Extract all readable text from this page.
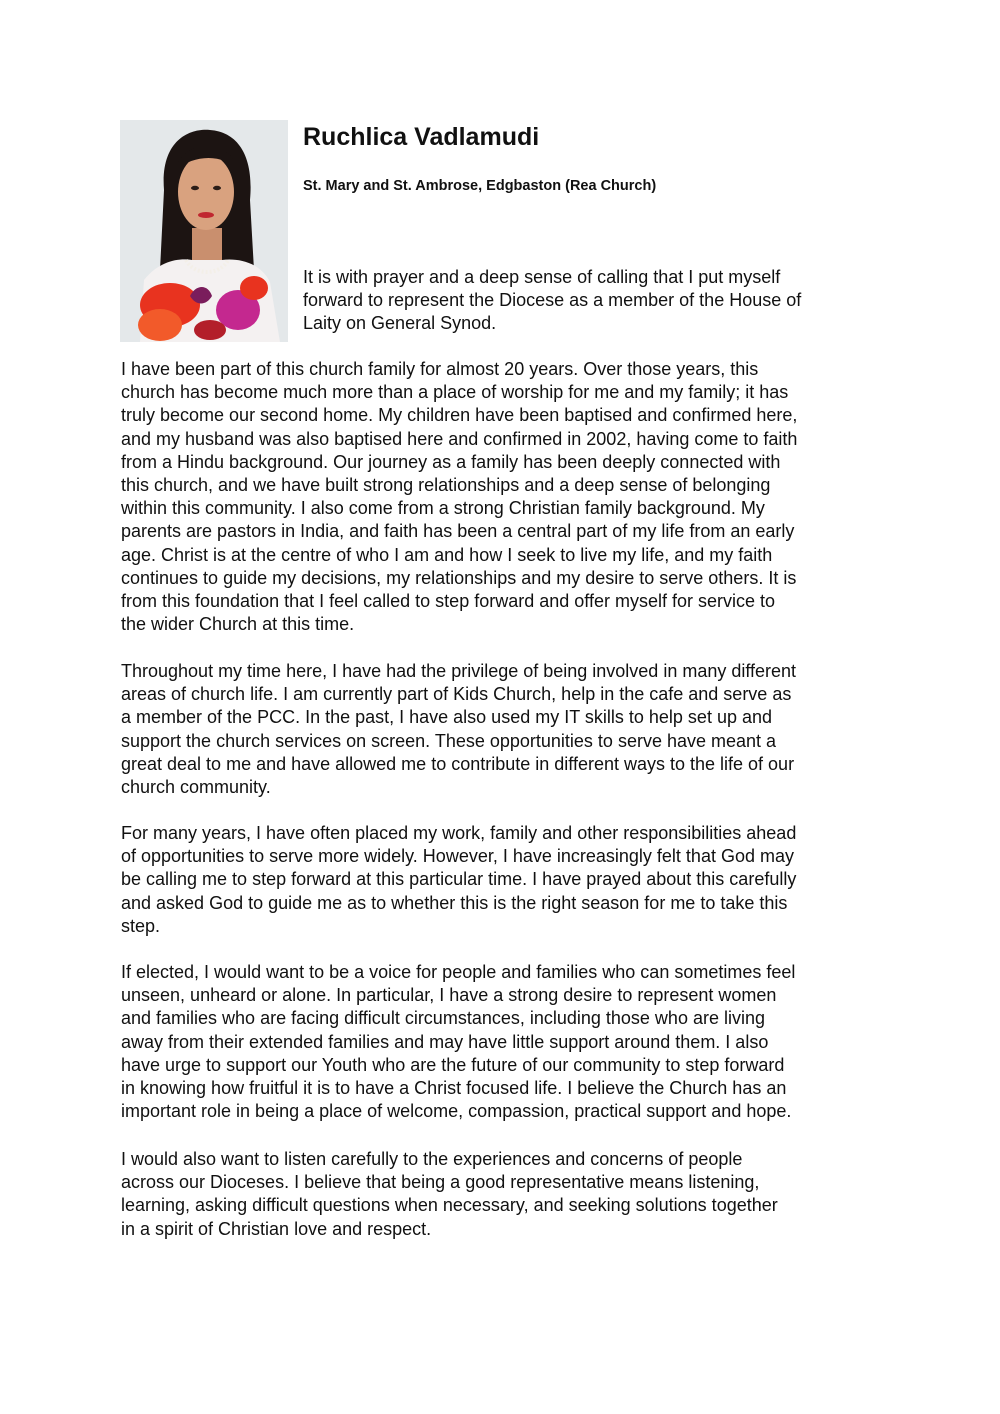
Ruchlica Vadlamudi

St. Mary and St. Ambrose, Edgbaston (Rea Church)

It is with prayer and a deep sense of calling that I put myself
forward to represent the Diocese as a member of the House of
Laity on General Synod.

I have been part of this church family for almost 20 years. Over those years, this
church has become much more than a place of worship for me and my family; it has
truly become our second home. My children have been baptised and confirmed here,
and my husband was also baptised here and confirmed in 2002, having come to faith
from a Hindu background. Our journey as a family has been deeply connected with
this church, and we have built strong relationships and a deep sense of belonging
within this community. I also come from a strong Christian family background. My
parents are pastors in India, and faith has been a central part of my life from an early
age. Christ is at the centre of who I am and how I seek to live my life, and my faith
continues to guide my decisions, my relationships and my desire to serve others. It is
from this foundation that I feel called to step forward and offer myself for service to
the wider Church at this time.

Throughout my time here, I have had the privilege of being involved in many different
areas of church life. I am currently part of Kids Church, help in the cafe and serve as
a member of the PCC. In the past, I have also used my IT skills to help set up and
support the church services on screen. These opportunities to serve have meant a
great deal to me and have allowed me to contribute in different ways to the life of our
church community.

For many years, I have often placed my work, family and other responsibilities ahead
of opportunities to serve more widely. However, I have increasingly felt that God may
be calling me to step forward at this particular time. I have prayed about this carefully
and asked God to guide me as to whether this is the right season for me to take this
step.

If elected, I would want to be a voice for people and families who can sometimes feel
unseen, unheard or alone. In particular, I have a strong desire to represent women
and families who are facing difficult circumstances, including those who are living
away from their extended families and may have little support around them. I also
have urge to support our Youth who are the future of our community to step forward
in knowing how fruitful it is to have a Christ focused life. I believe the Church has an
important role in being a place of welcome, compassion, practical support and hope.

I would also want to listen carefully to the experiences and concerns of people
across our Dioceses. I believe that being a good representative means listening,
learning, asking difficult questions when necessary, and seeking solutions together
in a spirit of Christian love and respect.
